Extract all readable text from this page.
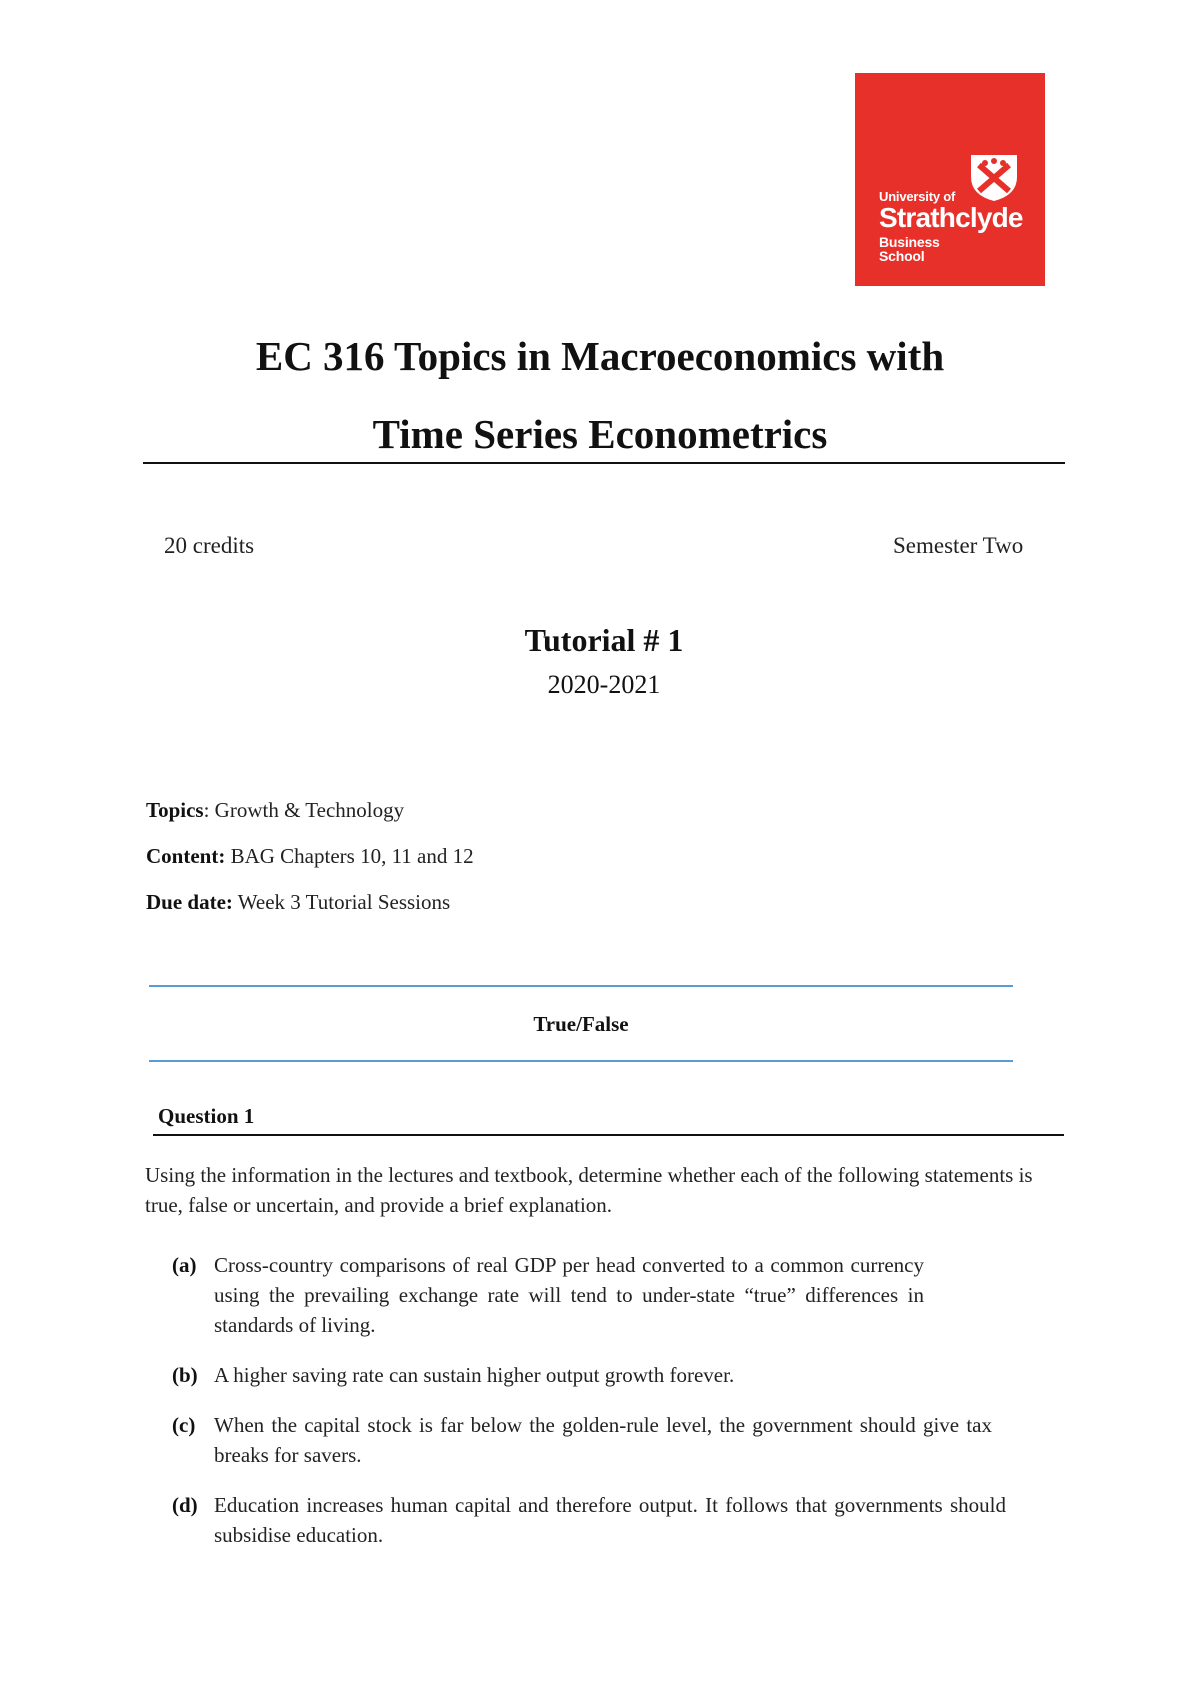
University of
Strathclyde
Business
School
EC 316 Topics in Macroeconomics with
Time Series Econometrics
20 credits	Semester Two
Tutorial # 1
2020-2021
Topics: Growth & Technology
Content: BAG Chapters 10, 11 and 12
Due date: Week 3 Tutorial Sessions
True/False
Question 1
Using the information in the lectures and textbook, determine whether each of the following statements is true, false or uncertain, and provide a brief explanation.
(a) Cross-country comparisons of real GDP per head converted to a common currency using the prevailing exchange rate will tend to under-state “true” differences in standards of living.
(b) A higher saving rate can sustain higher output growth forever.
(c) When the capital stock is far below the golden-rule level, the government should give tax breaks for savers.
(d) Education increases human capital and therefore output. It follows that governments should subsidise education.
